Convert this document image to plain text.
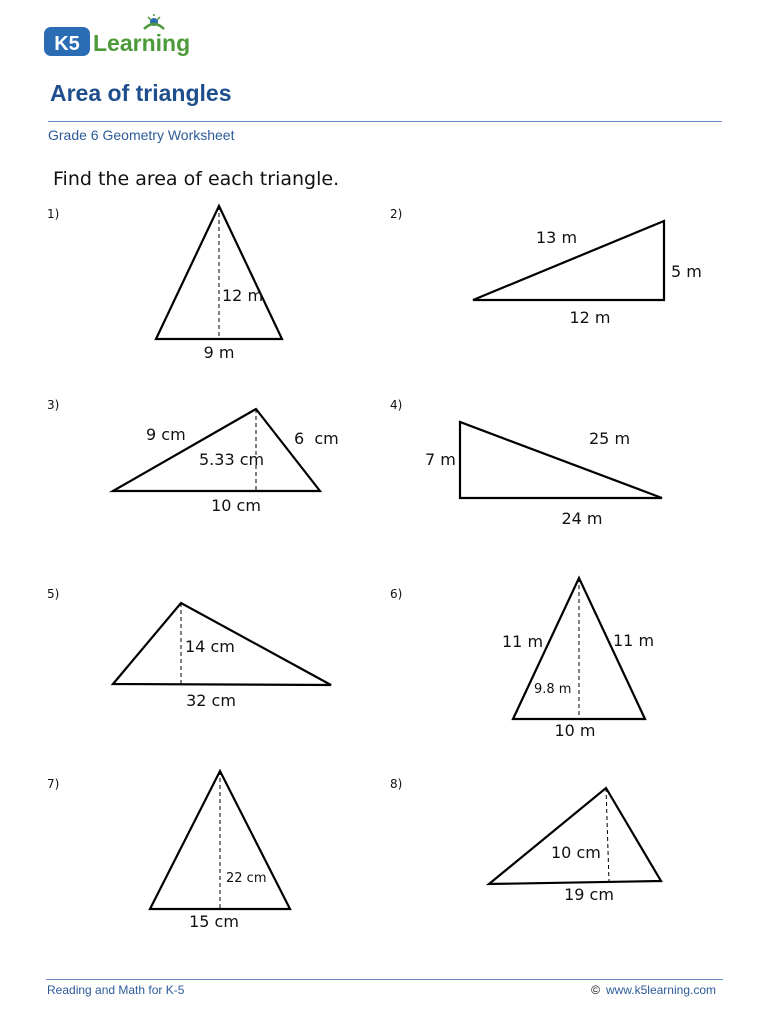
K5 Learning
Area of triangles
Grade 6 Geometry Worksheet
Find the area of each triangle.
1)	2)
3)	4)
5)	6)
7)	8)
12 m
9 m
13 m
5 m
12 m
9 cm	6  cm
5.33 cm
10 cm
7 m
25 m
24 m
14 cm
32 cm
11 m	11 m
9.8 m
10 m
22 cm
15 cm
10 cm
19 cm
Reading and Math for K-5	© www.k5learning.com
